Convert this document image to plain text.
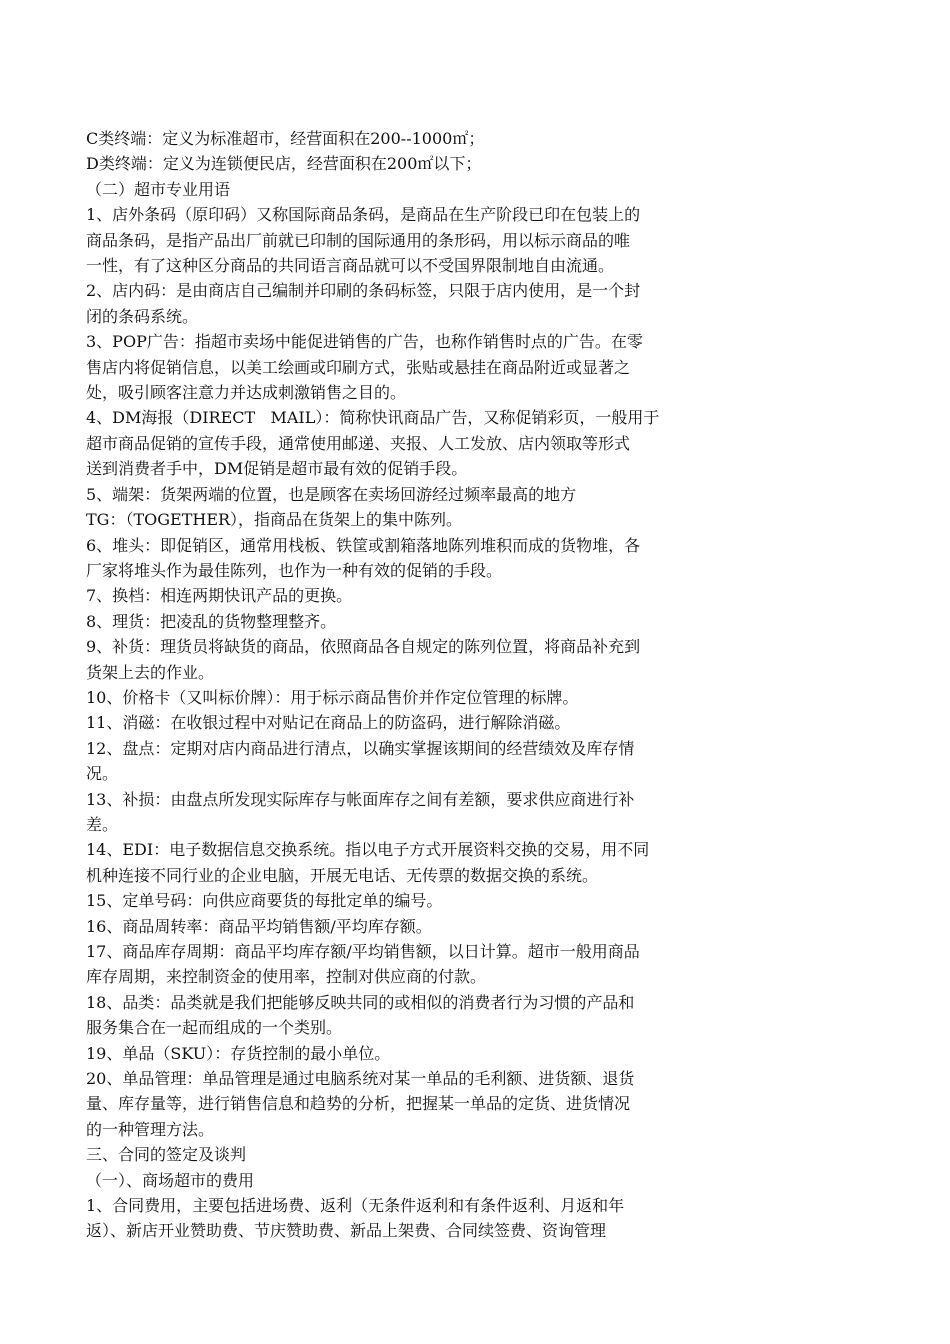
C类终端：定义为标准超市，经营面积在200--1000㎡；

D类终端：定义为连锁便民店，经营面积在200㎡以下；

（二）超市专业用语

1、店外条码（原印码）又称国际商品条码，是商品在生产阶段已印在包装上的

商品条码，是指产品出厂前就已印制的国际通用的条形码，用以标示商品的唯

一性，有了这种区分商品的共同语言商品就可以不受国界限制地自由流通。

2、店内码：是由商店自己编制并印刷的条码标签，只限于店内使用，是一个封

闭的条码系统。

3、POP广告：指超市卖场中能促进销售的广告，也称作销售时点的广告。在零

售店内将促销信息，以美工绘画或印刷方式，张贴或悬挂在商品附近或显著之

处，吸引顾客注意力并达成刺激销售之目的。

4、DM海报（DIRECT   MAIL）：简称快讯商品广告，又称促销彩页，一般用于

超市商品促销的宣传手段，通常使用邮递、夹报、人工发放、店内领取等形式

送到消费者手中，DM促销是超市最有效的促销手段。

5、端架：货架两端的位置，也是顾客在卖场回游经过频率最高的地方

TG：（TOGETHER），指商品在货架上的集中陈列。

6、堆头：即促销区，通常用栈板、铁筐或割箱落地陈列堆积而成的货物堆，各

厂家将堆头作为最佳陈列，也作为一种有效的促销的手段。

7、换档：相连两期快讯产品的更换。

8、理货：把凌乱的货物整理整齐。

9、补货：理货员将缺货的商品，依照商品各自规定的陈列位置，将商品补充到

货架上去的作业。

10、价格卡（又叫标价牌）：用于标示商品售价并作定位管理的标牌。

11、消磁：在收银过程中对贴记在商品上的防盗码，进行解除消磁。

12、盘点：定期对店内商品进行清点，以确实掌握该期间的经营绩效及库存情

况。

13、补损：由盘点所发现实际库存与帐面库存之间有差额，要求供应商进行补

差。

14、EDI：电子数据信息交换系统。指以电子方式开展资料交换的交易，用不同

机种连接不同行业的企业电脑，开展无电话、无传票的数据交换的系统。

15、定单号码：向供应商要货的每批定单的编号。

16、商品周转率：商品平均销售额/平均库存额。

17、商品库存周期：商品平均库存额/平均销售额，以日计算。超市一般用商品

库存周期，来控制资金的使用率，控制对供应商的付款。

18、品类：品类就是我们把能够反映共同的或相似的消费者行为习惯的产品和

服务集合在一起而组成的一个类别。

19、单品（SKU）：存货控制的最小单位。

20、单品管理：单品管理是通过电脑系统对某一单品的毛利额、进货额、退货

量、库存量等，进行销售信息和趋势的分析，把握某一单品的定货、进货情况

的一种管理方法。

三、合同的签定及谈判

（一）、商场超市的费用

1、合同费用，主要包括进场费、返利（无条件返利和有条件返利、月返和年

返）、新店开业赞助费、节庆赞助费、新品上架费、合同续签费、资询管理
